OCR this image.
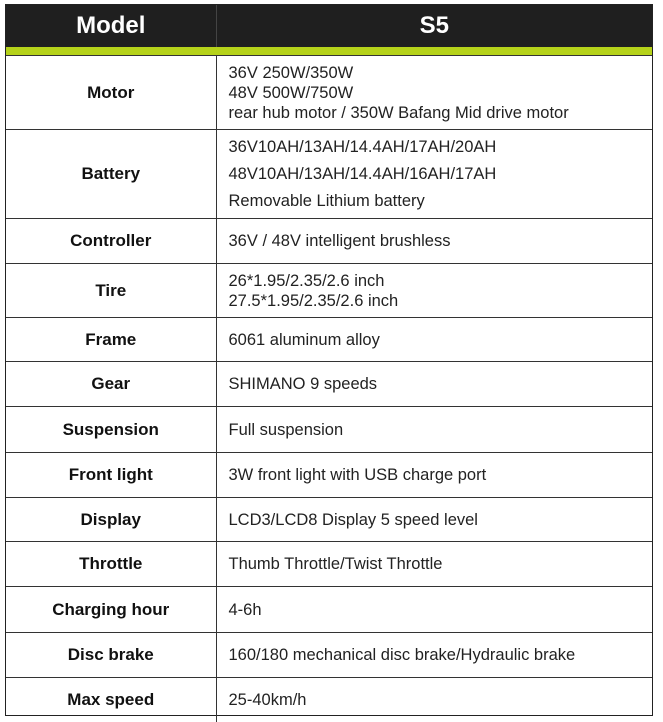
Model	S5

Motor	36V 250W/350W
48V 500W/750W
rear hub motor / 350W Bafang Mid drive motor

Battery	36V10AH/13AH/14.4AH/17AH/20AH
48V10AH/13AH/14.4AH/16AH/17AH
Removable Lithium battery

Controller	36V / 48V intelligent brushless

Tire	26*1.95/2.35/2.6 inch
27.5*1.95/2.35/2.6 inch

Frame	6061 aluminum alloy

Gear	SHIMANO 9 speeds

Suspension	Full suspension

Front light	3W front light with USB charge port

Display	LCD3/LCD8 Display 5 speed level

Throttle	Thumb Throttle/Twist Throttle

Charging hour	4-6h

Disc brake	160/180 mechanical disc brake/Hydraulic brake

Max speed	25-40km/h
